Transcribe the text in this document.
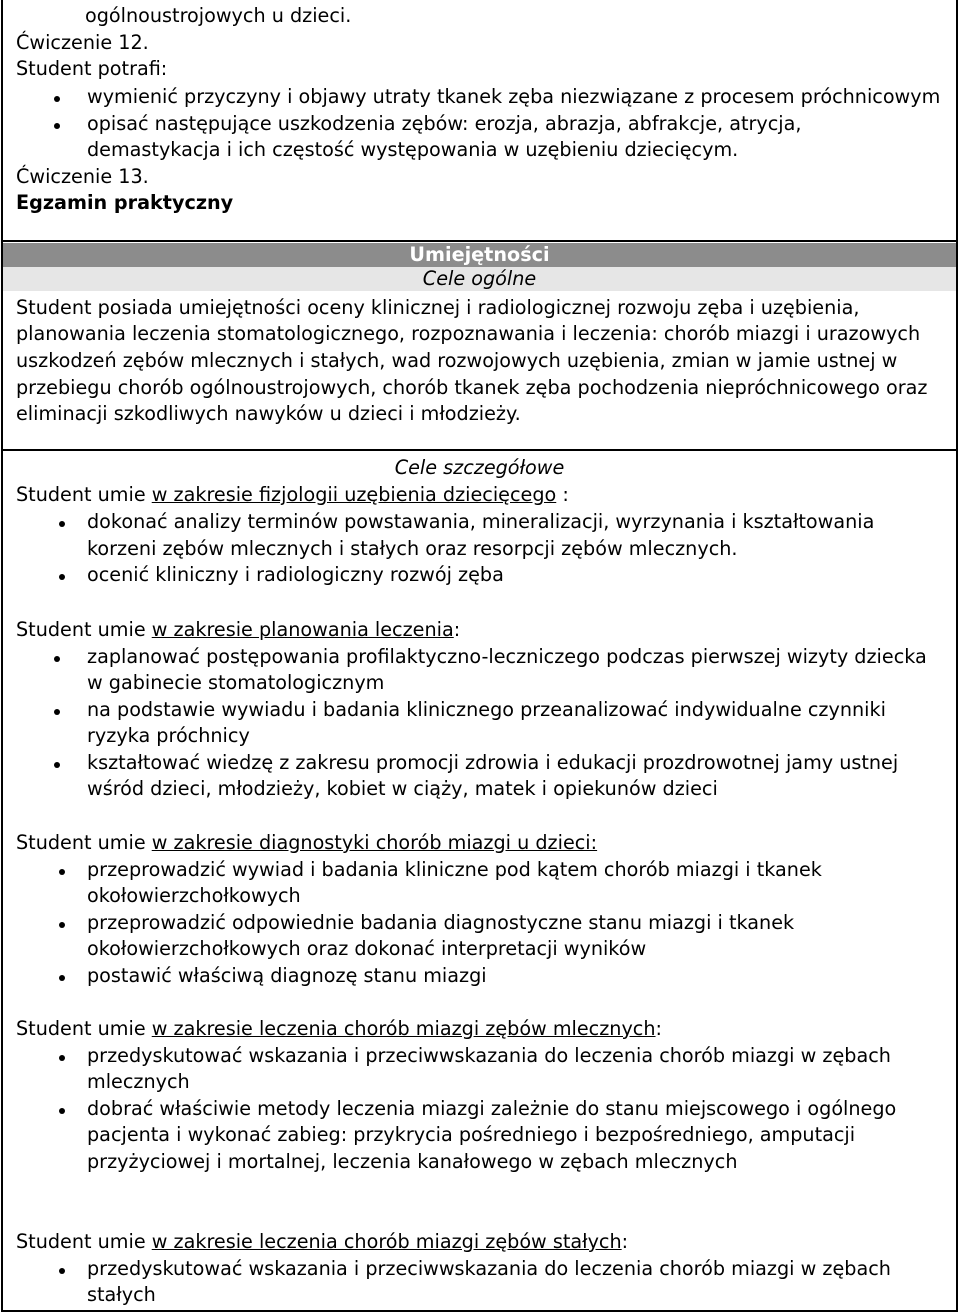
ogólnoustrojowych u dzieci.
Ćwiczenie 12.
Student potrafi:
wymienić przyczyny i objawy utraty tkanek zęba niezwiązane z procesem próchnicowym
opisać następujące uszkodzenia zębów: erozja, abrazja, abfrakcje, atrycja,
demastykacja i ich częstość występowania w uzębieniu dziecięcym.
Ćwiczenie 13.
Egzamin praktyczny
Umiejętności
Cele ogólne
Student posiada umiejętności oceny klinicznej i radiologicznej rozwoju zęba i uzębienia,
planowania leczenia stomatologicznego, rozpoznawania i leczenia: chorób miazgi i urazowych
uszkodzeń zębów mlecznych i stałych, wad rozwojowych uzębienia, zmian w jamie ustnej w
przebiegu chorób ogólnoustrojowych, chorób tkanek zęba pochodzenia niepróchnicowego oraz
eliminacji szkodliwych nawyków u dzieci i młodzieży.
Cele szczegółowe
Student umie w zakresie fizjologii uzębienia dziecięcego :
dokonać analizy terminów powstawania, mineralizacji, wyrzynania i kształtowania
korzeni zębów mlecznych i stałych oraz resorpcji zębów mlecznych.
ocenić kliniczny i radiologiczny rozwój zęba
Student umie w zakresie planowania leczenia:
zaplanować postępowania profilaktyczno-leczniczego podczas pierwszej wizyty dziecka
w gabinecie stomatologicznym
na podstawie wywiadu i badania klinicznego przeanalizować indywidualne czynniki
ryzyka próchnicy
kształtować wiedzę z zakresu promocji zdrowia i edukacji prozdrowotnej jamy ustnej
wśród dzieci, młodzieży, kobiet w ciąży, matek i opiekunów dzieci
Student umie w zakresie diagnostyki chorób miazgi u dzieci:
przeprowadzić wywiad i badania kliniczne pod kątem chorób miazgi i tkanek
okołowierzchołkowych
przeprowadzić odpowiednie badania diagnostyczne stanu miazgi i tkanek
okołowierzchołkowych oraz dokonać interpretacji wyników
postawić właściwą diagnozę stanu miazgi
Student umie w zakresie leczenia chorób miazgi zębów mlecznych:
przedyskutować wskazania i przeciwwskazania do leczenia chorób miazgi w zębach
mlecznych
dobrać właściwie metody leczenia miazgi zależnie do stanu miejscowego i ogólnego
pacjenta i wykonać zabieg: przykrycia pośredniego i bezpośredniego, amputacji
przyżyciowej i mortalnej, leczenia kanałowego w zębach mlecznych
Student umie w zakresie leczenia chorób miazgi zębów stałych:
przedyskutować wskazania i przeciwwskazania do leczenia chorób miazgi w zębach
stałych
